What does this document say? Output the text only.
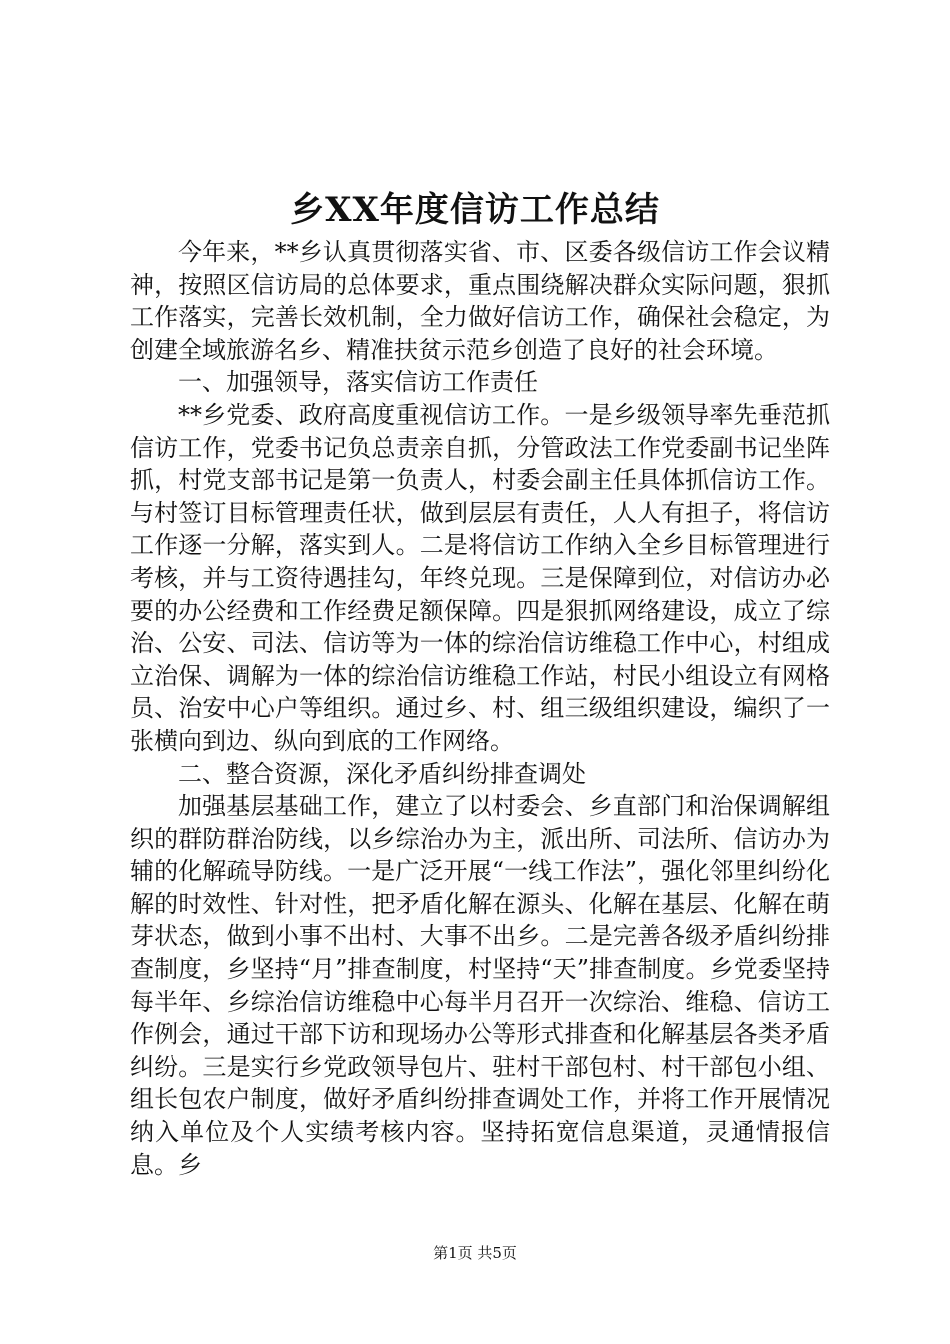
乡XX年度信访工作总结

今年来，**乡认真贯彻落实省、市、区委各级信访工作会议精神，按照区信访局的总体要求，重点围绕解决群众实际问题，狠抓工作落实，完善长效机制，全力做好信访工作，确保社会稳定，为创建全域旅游名乡、精准扶贫示范乡创造了良好的社会环境。

一、加强领导，落实信访工作责任

**乡党委、政府高度重视信访工作。一是乡级领导率先垂范抓信访工作，党委书记负总责亲自抓，分管政法工作党委副书记坐阵抓，村党支部书记是第一负责人，村委会副主任具体抓信访工作。与村签订目标管理责任状，做到层层有责任，人人有担子，将信访工作逐一分解，落实到人。二是将信访工作纳入全乡目标管理进行考核，并与工资待遇挂勾，年终兑现。三是保障到位，对信访办必要的办公经费和工作经费足额保障。四是狠抓网络建设，成立了综治、公安、司法、信访等为一体的综治信访维稳工作中心，村组成立治保、调解为一体的综治信访维稳工作站，村民小组设立有网格员、治安中心户等组织。通过乡、村、组三级组织建设，编织了一张横向到边、纵向到底的工作网络。

二、整合资源，深化矛盾纠纷排查调处

加强基层基础工作，建立了以村委会、乡直部门和治保调解组织的群防群治防线，以乡综治办为主，派出所、司法所、信访办为辅的化解疏导防线。一是广泛开展“一线工作法”，强化邻里纠纷化解的时效性、针对性，把矛盾化解在源头、化解在基层、化解在萌芽状态，做到小事不出村、大事不出乡。二是完善各级矛盾纠纷排查制度，乡坚持“月”排查制度，村坚持“天”排查制度。乡党委坚持每半年、乡综治信访维稳中心每半月召开一次综治、维稳、信访工作例会，通过干部下访和现场办公等形式排查和化解基层各类矛盾纠纷。三是实行乡党政领导包片、驻村干部包村、村干部包小组、组长包农户制度，做好矛盾纠纷排查调处工作，并将工作开展情况纳入单位及个人实绩考核内容。坚持拓宽信息渠道，灵通情报信息。乡

第1页 共5页
